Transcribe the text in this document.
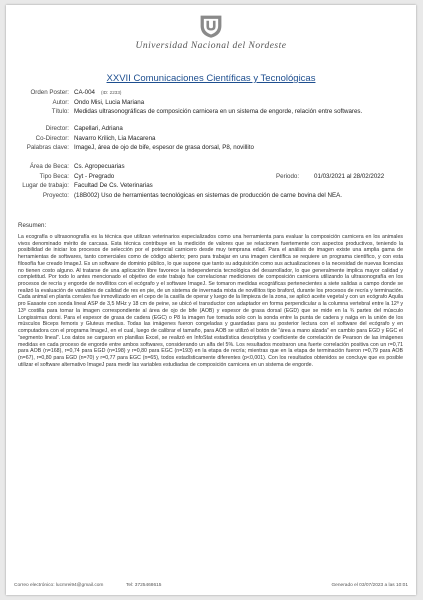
Universidad Nacional del Nordeste
XXVII Comunicaciones Científicas y Tecnológicas
Orden Poster: CA-004 (ID: 2233)
Autor: Ondo Misi, Lucia Mariana
Título: Medidas ultrasonográficas de composición carnicera en un sistema de engorde, relación entre softwares.
Director: Capellari, Adriana
Co-Director: Navarro Krilich, Lia Macarena
Palabras clave: ImageJ, área de ojo de bife, espesor de grasa dorsal, P8, novillito
Área de Beca: Cs. Agropecuarias
Tipo Beca: Cyt - Pregrado	Periodo: 01/03/2021 al 28/02/2022
Lugar de trabajo: Facultad De Cs. Veterinarias
Proyecto: (18B002) Uso de herramientas tecnológicas en sistemas de producción de carne bovina del NEA.
Resumen:

La ecografía o ultrasonografía es la técnica que utilizan veterinarios especializados como una herramienta para evaluar la composición carnicera en los animales vivos denominado mérito de carcasa. Esta técnica contribuye en la medición de valores que se relacionen fuertemente con aspectos productivos, teniendo la posibilidad de iniciar los procesos de selección por el potencial carnicero desde muy temprana edad. Para el análisis de imagen existe una amplia gama de herramientas de softwares, tanto comerciales como de código abierto; pero para trabajar en una imagen científica se requiere un programa científico, y con esta filosofía fue creado ImageJ. Es un software de dominio público, lo que supone que tanto su adquisición como sus actualizaciones o la necesidad de nuevas licencias no tienen costo alguno. Al tratarse de una aplicación libre favorece la independencia tecnológica del desarrollador, lo que generalmente implica mayor calidad y completitud. Por todo lo antes mencionado el objetivo de este trabajo fue correlacionar mediciones de composición carnicera utilizando la ultrasonografía en los procesos de recría y engorde de novillitos con el ecógrafo y el software ImageJ. Se tomaron medidas ecográficas pertenecientes a siete salidas a campo donde se realizó la evaluación de variables de calidad de res en pie, de un sistema de invernada mixta de novillitos tipo braford, durante los procesos de recría y terminación. Cada animal en planta corrales fue inmovilizado en el cepo de la casilla de operar y luego de la limpieza de la zona, se aplicó aceite vegetal y con un ecógrafo Aquila pro Easaote con sonda lineal ASP de 3,5 MHz y 18 cm de peine, se ubicó el transductor con adaptador en forma perpendicular a la columna vertebral entre la 12º y 13º costilla para tomar la imagen correspondiente al área de ojo de bife (AOB) y espesor de grasa dorsal (EGD) que se mide en la ¾ partes del músculo Longissimus dorsi. Para el espesor de grasa de cadera (EGC) o P8 la imagen fue tomada solo con la sonda entre la punta de cadera y nalga en la unión de los músculos Biceps femoris y Gluteus medius. Todas las imágenes fueron congeladas y guardadas para su posterior lectura con el software del ecógrafo y en computadora con el programa ImageJ, en el cual, luego de calibrar el tamaño, para AOB se utilizó el botón de “área a mano alzada” en cambio para EGD y EGC el “segmento lineal”. Los datos se cargaron en planillas Excel, se realizó en InfoStat estadística descriptiva y coeficiente de correlación de Pearson de las imágenes medidas en cada proceso de engorde entre ambos softwares, considerando un alfa del 5%. Los resultados mostraron una fuerte correlación positiva con un r=0,71 para AOB (n=168), r=0,74 para EGD (n=198) y r=0,80 para EGC (n=193) en la etapa de recría; mientras que en la etapa de terminación fueron r=0,79 para AOB (n=67), r=0,80 para EGD (n=70) y r=0,77 para EGC (n=65), todos estadísticamente diferentes (p<0,001). Con los resultados obtenidos se concluye que es posible utilizar el software alternativo ImageJ para medir las variables estudiadas de composición carnicera en un sistema de engorde.

Correo electrónico: lucmrei94@gmail.com	Tel: 3725468615	Generado el 03/07/2023 a las 10:01
